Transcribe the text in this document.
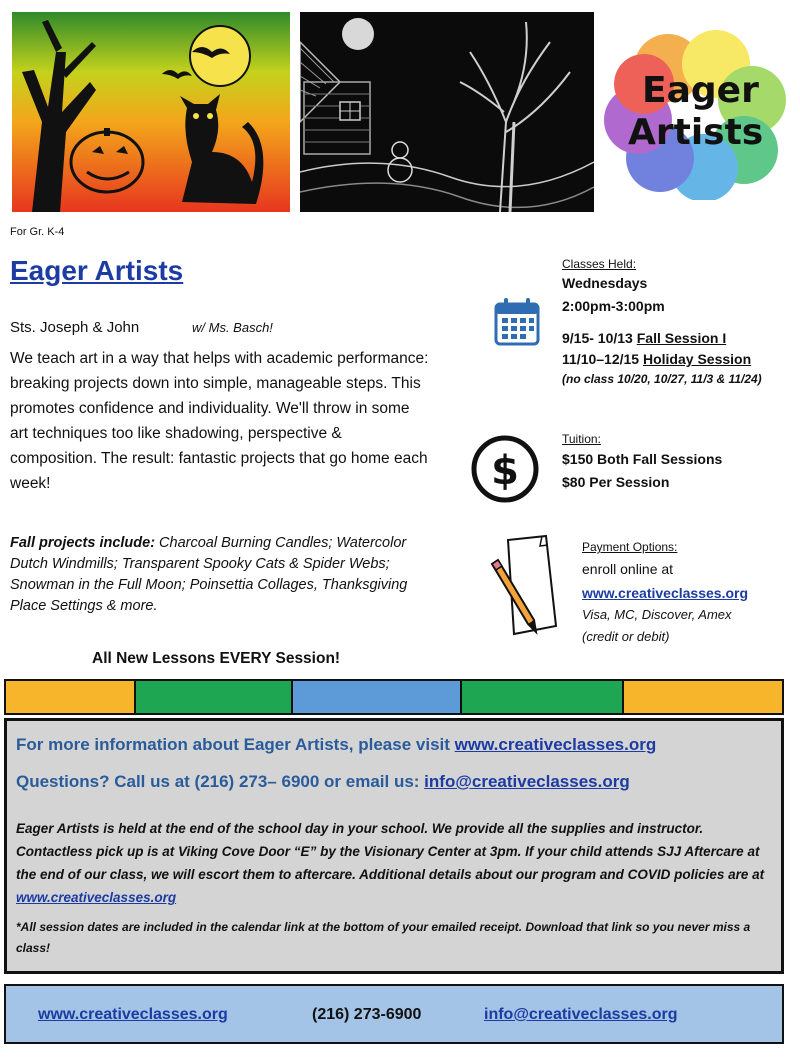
Eager
Artists
For Gr. K-4
Eager Artists
Sts. Joseph & John	w/ Ms. Basch!
We teach art in a way that helps with academic performance: breaking projects down into simple, manageable steps. This promotes confidence and individuality. We'll throw in some art techniques too like shadowing, perspective & composition. The result: fantastic projects that go home each week!
Fall projects include: Charcoal Burning Candles; Watercolor Dutch Windmills; Transparent Spooky Cats & Spider Webs; Snowman in the Full Moon; Poinsettia Collages, Thanksgiving Place Settings & more.
All New Lessons EVERY Session!
Classes Held:
Wednesdays
2:00pm-3:00pm
9/15- 10/13 Fall Session I
11/10–12/15 Holiday Session
(no class 10/20, 10/27, 11/3 & 11/24)
$
Tuition:
$150 Both Fall Sessions
$80 Per Session
Payment Options:
enroll online at
www.creativeclasses.org
Visa, MC, Discover, Amex
(credit or debit)
For more information about Eager Artists, please visit www.creativeclasses.org
Questions? Call us at (216) 273– 6900 or email us: info@creativeclasses.org
Eager Artists is held at the end of the school day in your school. We provide all the supplies and instructor. Contactless pick up is at Viking Cove Door “E” by the Visionary Center at 3pm. If your child attends SJJ Aftercare at the end of our class, we will escort them to aftercare. Additional details about our program and COVID policies are at www.creativeclasses.org
*All session dates are included in the calendar link at the bottom of your emailed receipt. Download that link so you never miss a class!
www.creativeclasses.org	(216) 273-6900	info@creativeclasses.org
